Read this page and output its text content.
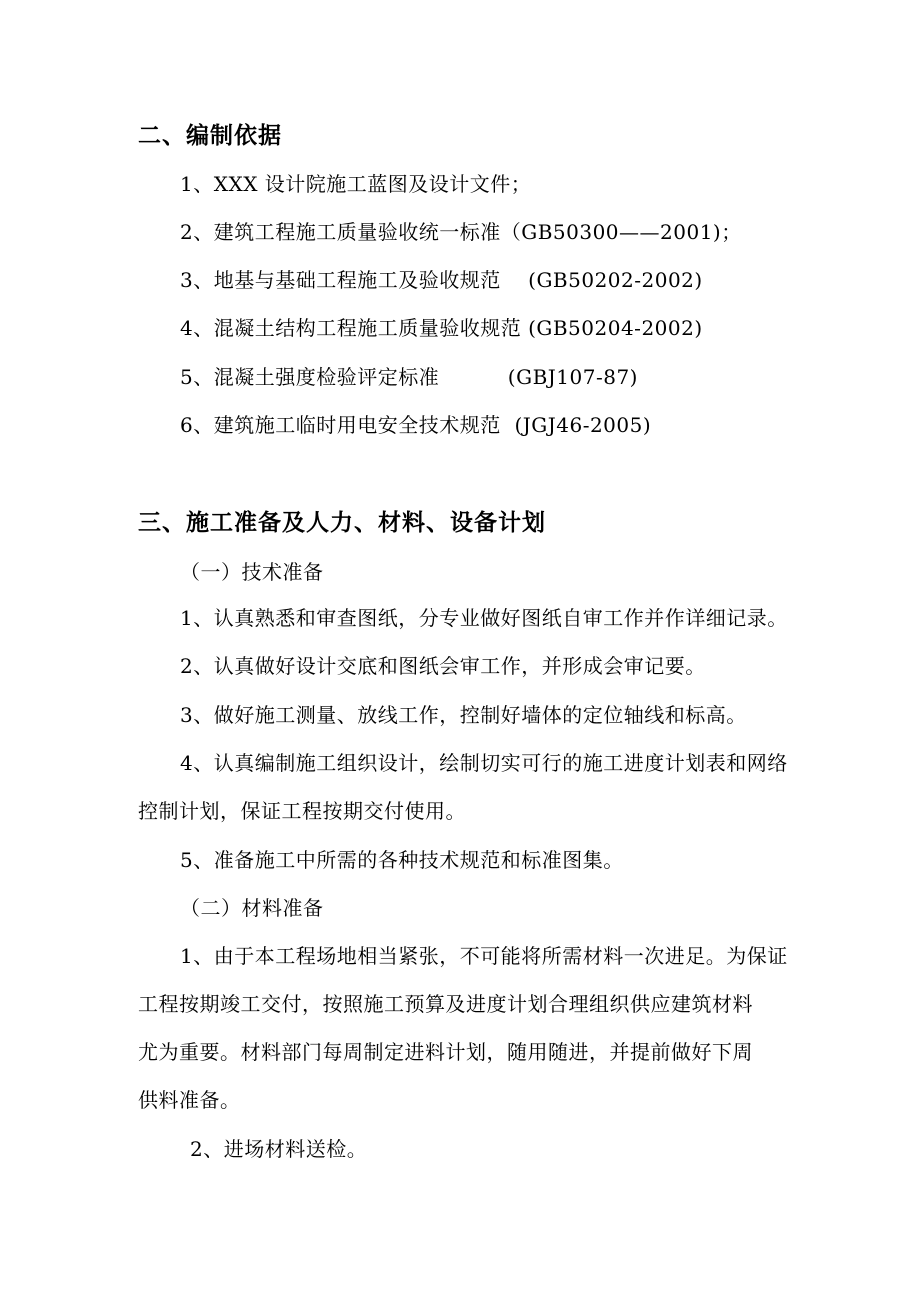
二、编制依据
1、XXX 设计院施工蓝图及设计文件；
2、建筑工程施工质量验收统一标准（GB50300——2001)；
3、地基与基础工程施工及验收规范    (GB50202-2002)
4、混凝土结构工程施工质量验收规范 (GB50204-2002)
5、混凝土强度检验评定标准          (GBJ107-87)
6、建筑施工临时用电安全技术规范  (JGJ46-2005)
三、施工准备及人力、材料、设备计划
（一）技术准备
1、认真熟悉和审查图纸，分专业做好图纸自审工作并作详细记录。
2、认真做好设计交底和图纸会审工作，并形成会审记要。
3、做好施工测量、放线工作，控制好墙体的定位轴线和标高。
4、认真编制施工组织设计，绘制切实可行的施工进度计划表和网络
控制计划，保证工程按期交付使用。
5、准备施工中所需的各种技术规范和标准图集。
（二）材料准备
1、由于本工程场地相当紧张，不可能将所需材料一次进足。为保证
工程按期竣工交付，按照施工预算及进度计划合理组织供应建筑材料
尤为重要。材料部门每周制定进料计划，随用随进，并提前做好下周
供料准备。
2、进场材料送检。
